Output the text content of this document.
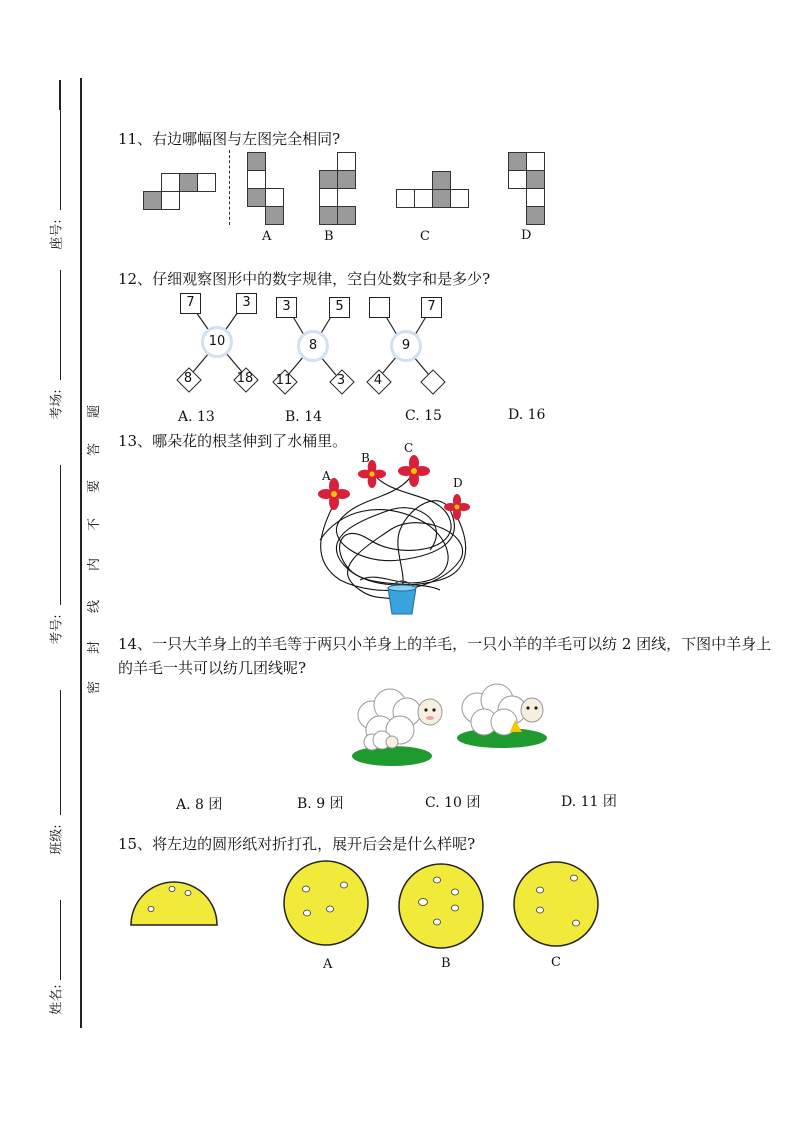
座号:
考场:
考号:
班级:
姓名:
题
答
要
不
内
线
封
密
11、右边哪幅图与左图完全相同?
A	B	C	D
12、仔细观察图形中的数字规律，空白处数字和是多少?
7	3
10
8	18
3	5
8
11	3
7
9
4
A. 13	B. 14	C. 15	D. 16
13、哪朵花的根茎伸到了水桶里。
A
B
C
D
14、一只大羊身上的羊毛等于两只小羊身上的羊毛，一只小羊的羊毛可以纺 2 团线，下图中羊身上
的羊毛一共可以纺几团线呢?
A. 8 团	B. 9 团	C. 10 团	D. 11 团
15、将左边的圆形纸对折打孔，展开后会是什么样呢?
A	B	C
